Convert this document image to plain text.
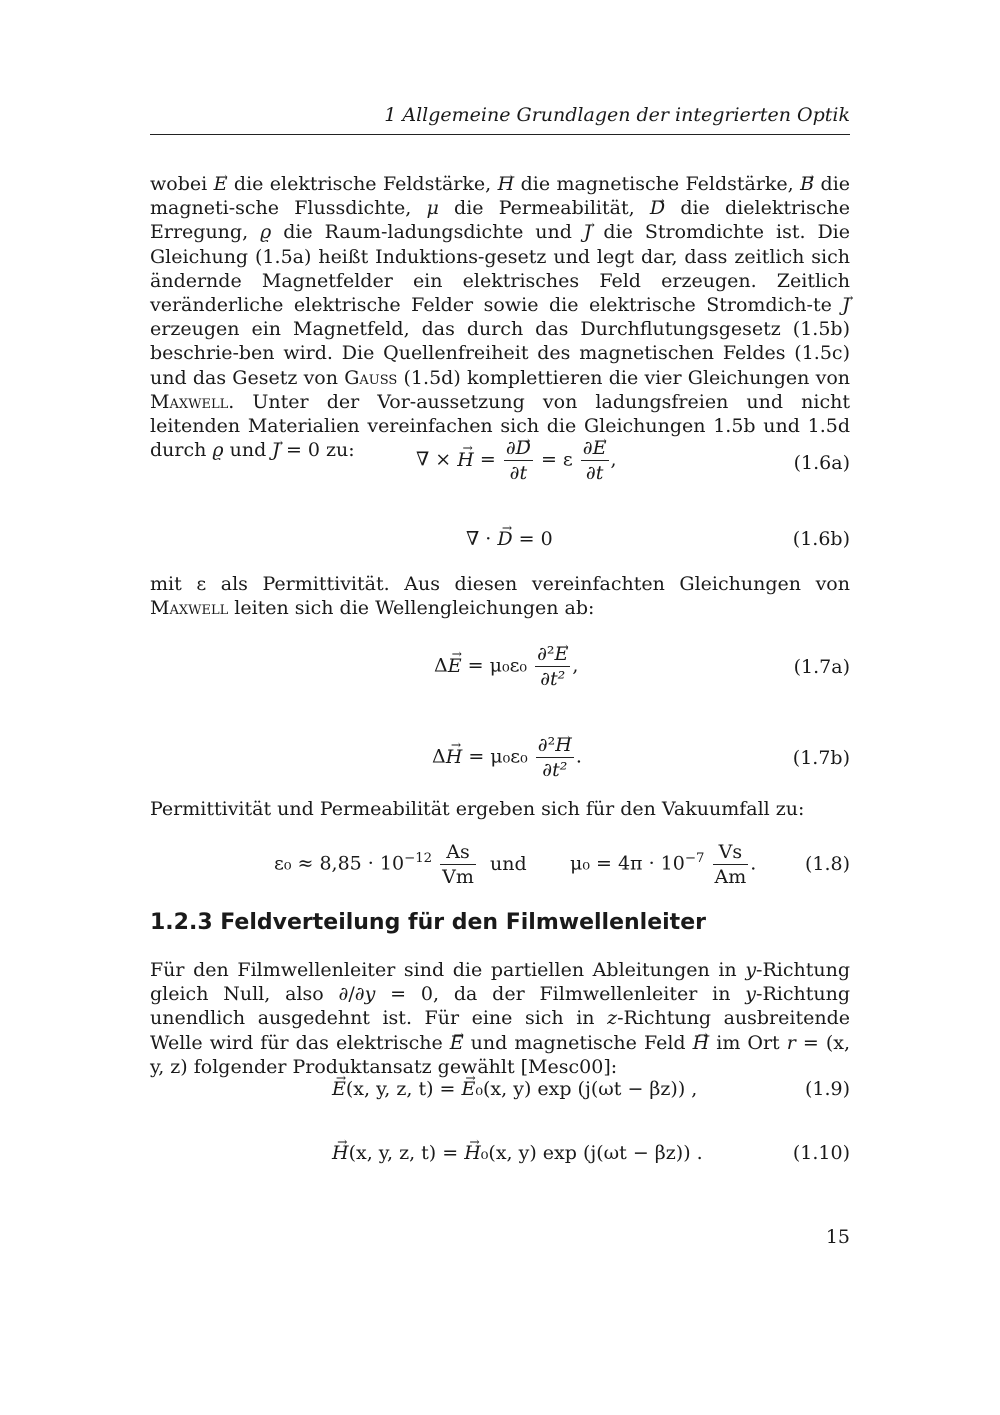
1 Allgemeine Grundlagen der integrierten Optik

wobei → E die elektrische Feldstärke, → H die magnetische Feldstärke, → B die magneti-sche Flussdichte, μ die Permeabilität, → D die dielektrische Erregung, ϱ die Raum-ladungsdichte und → J die Stromdichte ist. Die Gleichung (1.5a) heißt Induktions-gesetz und legt dar, dass zeitlich sich ändernde Magnetfelder ein elektrisches Feld erzeugen. Zeitlich veränderliche elektrische Felder sowie die elektrische Stromdich-te → J erzeugen ein Magnetfeld, das durch das Durchflutungsgesetz (1.5b) beschrie-ben wird. Die Quellenfreiheit des magnetischen Feldes (1.5c) und das Gesetz von Gauss (1.5d) komplettieren die vier Gleichungen von Maxwell. Unter der Vor-aussetzung von ladungsfreien und nicht leitenden Materialien vereinfachen sich die Gleichungen 1.5b und 1.5d durch ϱ und → J = 0 zu:	∇ × → $H = \frac{\partial\to D}{\partial t} = \varepsilon \frac{\partial\to E}{\partial t}$ ,	(1.6a)
∇ · → D = 0	(1.6b)

mit ε als Permittivität. Aus diesen vereinfachten Gleichungen von Maxwell leiten sich die Wellengleichungen ab:

$\Delta\to E = \mu_0\varepsilon_0 \frac{\text{∂²→ E}}{\text{∂t²}}$ ,	(1.7a)
$\Delta\to H = \mu_0\varepsilon_0 \frac{\text{∂²→ H}}{\text{∂t²}}$ .	(1.7b)

Permittivität und Permeabilität ergeben sich für den Vakuumfall zu:

$\varepsilon_0 \approx 8,85 \cdot 10^{-12} \frac{As}{Vm}$ und $\mu_0 = 4\pi \cdot 10^{-7} \frac{Vs}{Am}$ .	(1.8)
1.2.3 Feldverteilung für den Filmwellenleiter

Für den Filmwellenleiter sind die partiellen Ableitungen in y-Richtung gleich Null, also ∂/∂y = 0, da der Filmwellenleiter in y-Richtung unendlich ausgedehnt ist. Für eine sich in z-Richtung ausbreitende Welle wird für das elektrische → E und magnetische Feld → H im Ort r = (x, y, z) folgender Produktansatz gewählt [Mesc00]:

→ E(x, y, z, t) = → E₀(x, y) exp (j(ωt − βz)) ,	(1.9)
→ H(x, y, z, t) = → H₀(x, y) exp (j(ωt − βz)) .	(1.10)
15
